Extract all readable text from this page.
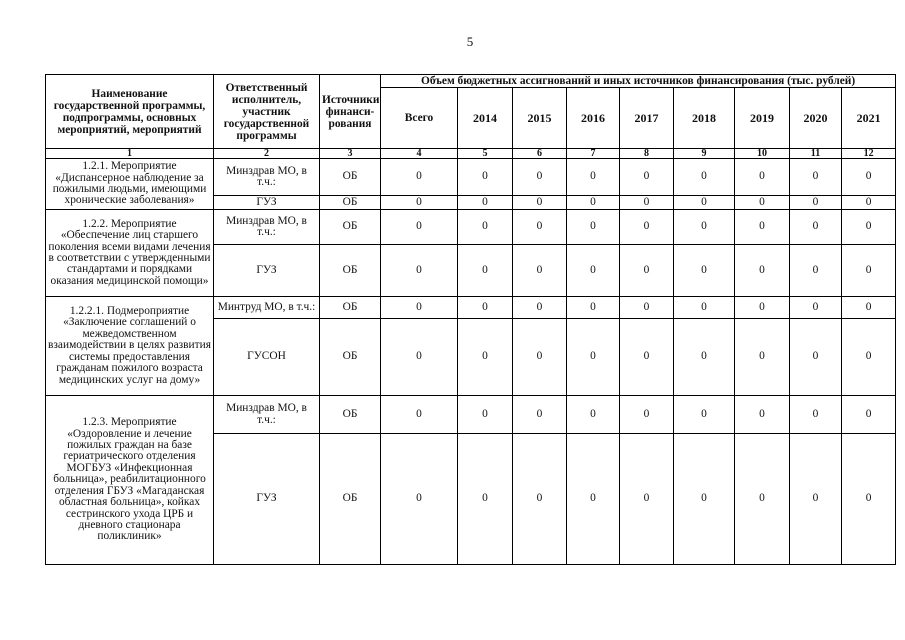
5
Наименование государственной программы, подпрограммы, основных мероприятий, мероприятий	Ответственный исполнитель, участник государственной программы	Источники финанси-рования	Объем бюджетных ассигнований и иных источников финансирования (тыс. рублей)								
			Всего	2014	2015	2016	2017	2018	2019	2020	2021
1	2	3	4	5	6	7	8	9	10	11	12
1.2.1. Мероприятие «Диспансерное наблюдение за пожилыми людьми, имеющими хронические заболевания»	Минздрав МО, в т.ч.:	ОБ	0	0	0	0	0	0	0	0	0
	ГУЗ	ОБ	0	0	0	0	0	0	0	0	0
1.2.2. Мероприятие «Обеспечение лиц старшего поколения всеми видами лечения в соответствии с утвержденными стандартами и порядками оказания медицинской помощи»	Минздрав МО, в т.ч.:	ОБ	0	0	0	0	0	0	0	0	0
	ГУЗ	ОБ	0	0	0	0	0	0	0	0	0
1.2.2.1. Подмероприятие «Заключение соглашений о межведомственном взаимодействии в целях развития системы предоставления гражданам пожилого возраста медицинских услуг на дому»	Минтруд МО, в т.ч.:	ОБ	0	0	0	0	0	0	0	0	0
	ГУСОН	ОБ	0	0	0	0	0	0	0	0	0
1.2.3. Мероприятие «Оздоровление и лечение пожилых граждан на базе гериатрического отделения МОГБУЗ «Инфекционная больница», реабилитационного отделения ГБУЗ «Магаданская областная больница», койках сестринского ухода ЦРБ и дневного стационара поликлиник»	Минздрав МО, в т.ч.:	ОБ	0	0	0	0	0	0	0	0	0
	ГУЗ	ОБ	0	0	0	0	0	0	0	0	0
